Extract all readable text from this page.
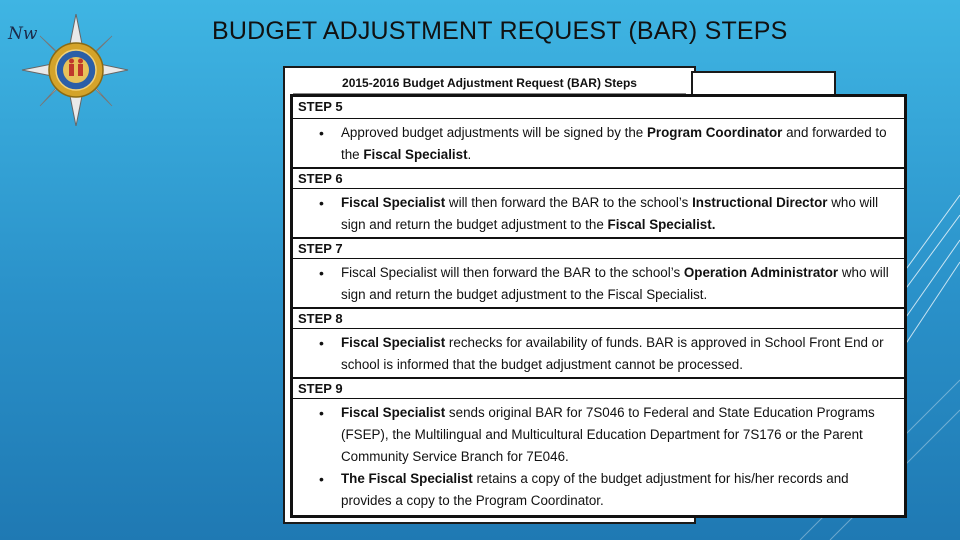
Nw	BUDGET ADJUSTMENT REQUEST (BAR) STEPS
2015-2016 Budget Adjustment Request (BAR) Steps
STEP 5
• Approved budget adjustments will be signed by the Program Coordinator and forwarded to the Fiscal Specialist.
STEP 6
• Fiscal Specialist will then forward the BAR to the school’s Instructional Director who will sign and return the budget adjustment to the Fiscal Specialist.
STEP 7
• Fiscal Specialist will then forward the BAR to the school’s Operation Administrator who will sign and return the budget adjustment to the Fiscal Specialist.
STEP 8
• Fiscal Specialist rechecks for availability of funds. BAR is approved in School Front End or school is informed that the budget adjustment cannot be processed.
STEP 9
• Fiscal Specialist sends original BAR for 7S046 to Federal and State Education Programs (FSEP), the Multilingual and Multicultural Education Department for 7S176 or the Parent Community Service Branch for 7E046.
• The Fiscal Specialist retains a copy of the budget adjustment for his/her records and provides a copy to the Program Coordinator.
